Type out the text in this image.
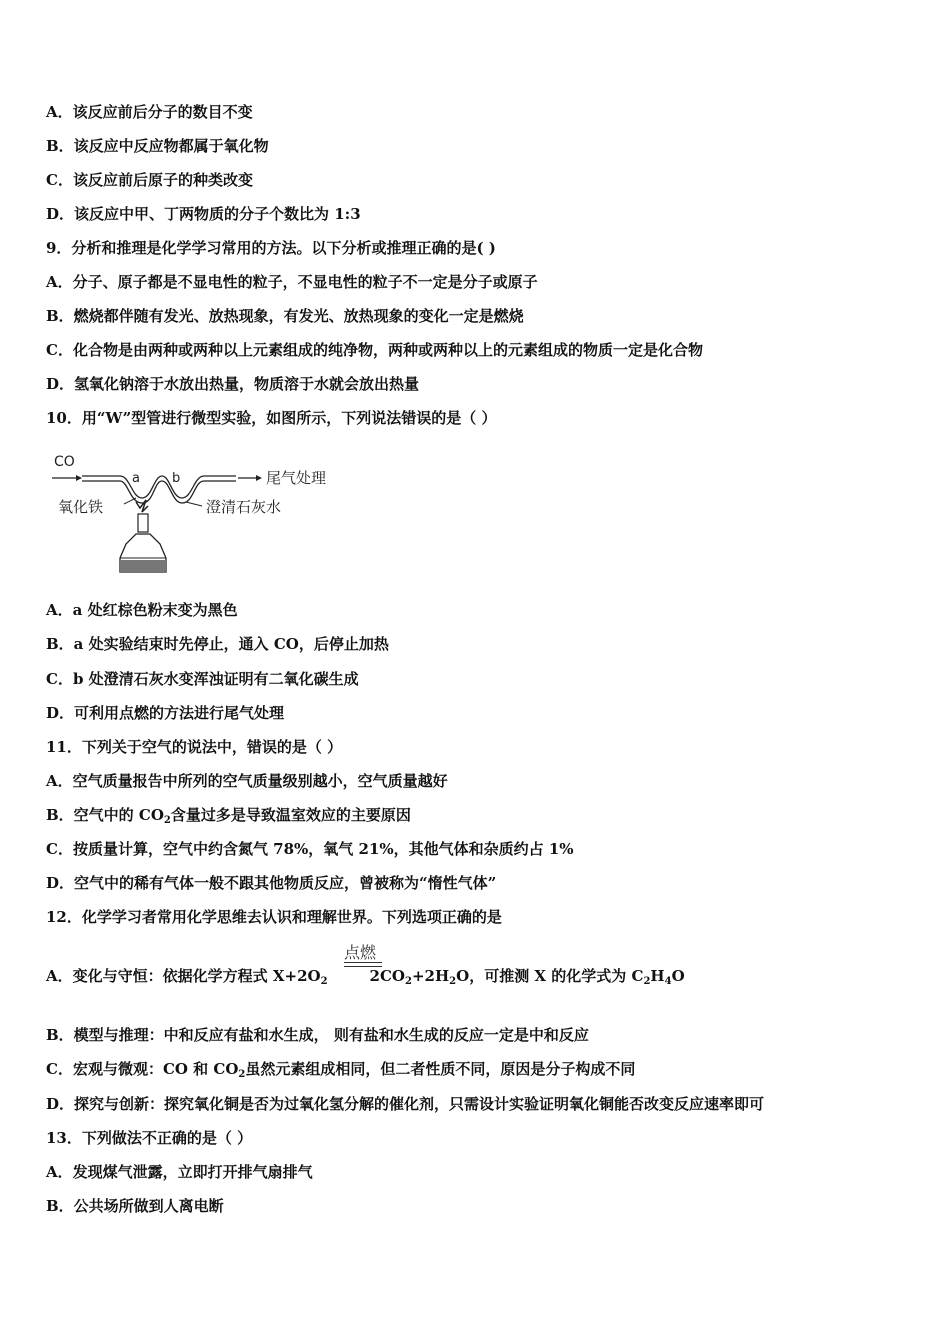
A．该反应前后分子的数目不变
B．该反应中反应物都属于氧化物
C．该反应前后原子的种类改变
D．该反应中甲、丁两物质的分子个数比为 1:3
9．分析和推理是化学学习常用的方法。以下分析或推理正确的是( )
A．分子、原子都是不显电性的粒子，不显电性的粒子不一定是分子或原子
B．燃烧都伴随有发光、放热现象，有发光、放热现象的变化一定是燃烧
C．化合物是由两种或两种以上元素组成的纯净物，两种或两种以上的元素组成的物质一定是化合物
D．氢氧化钠溶于水放出热量，物质溶于水就会放出热量
10．用“W”型管进行微型实验，如图所示，下列说法错误的是（ ）
CO
a b	尾气处理
氧化铁	澄清石灰水
A．a 处红棕色粉末变为黑色
B．a 处实验结束时先停止，通入 CO，后停止加热
C．b 处澄清石灰水变浑浊证明有二氧化碳生成
D．可利用点燃的方法进行尾气处理
11．下列关于空气的说法中，错误的是（ ）
A．空气质量报告中所列的空气质量级别越小，空气质量越好
B．空气中的 $CO_2$含量过多是导致温室效应的主要原因
C．按质量计算，空气中约含氮气 78%，氧气 21%，其他气体和杂质约占 1%
D．空气中的稀有气体一般不跟其他物质反应，曾被称为“惰性气体”
12．化学学习者常用化学思维去认识和理解世界。下列选项正确的是
点燃
A．变化与守恒：依据化学方程式 $X+2O_2$	$2CO_2+2H_2O$，可推测 X 的化学式为 $C_2H_4O$
B．模型与推理：中和反应有盐和水生成， 则有盐和水生成的反应一定是中和反应
C．宏观与微观：CO 和 $CO_2$虽然元素组成相同，但二者性质不同，原因是分子构成不同
D．探究与创新：探究氧化铜是否为过氧化氢分解的催化剂，只需设计实验证明氧化铜能否改变反应速率即可
13．下列做法不正确的是（ ）
A．发现煤气泄露，立即打开排气扇排气
B．公共场所做到人离电断
